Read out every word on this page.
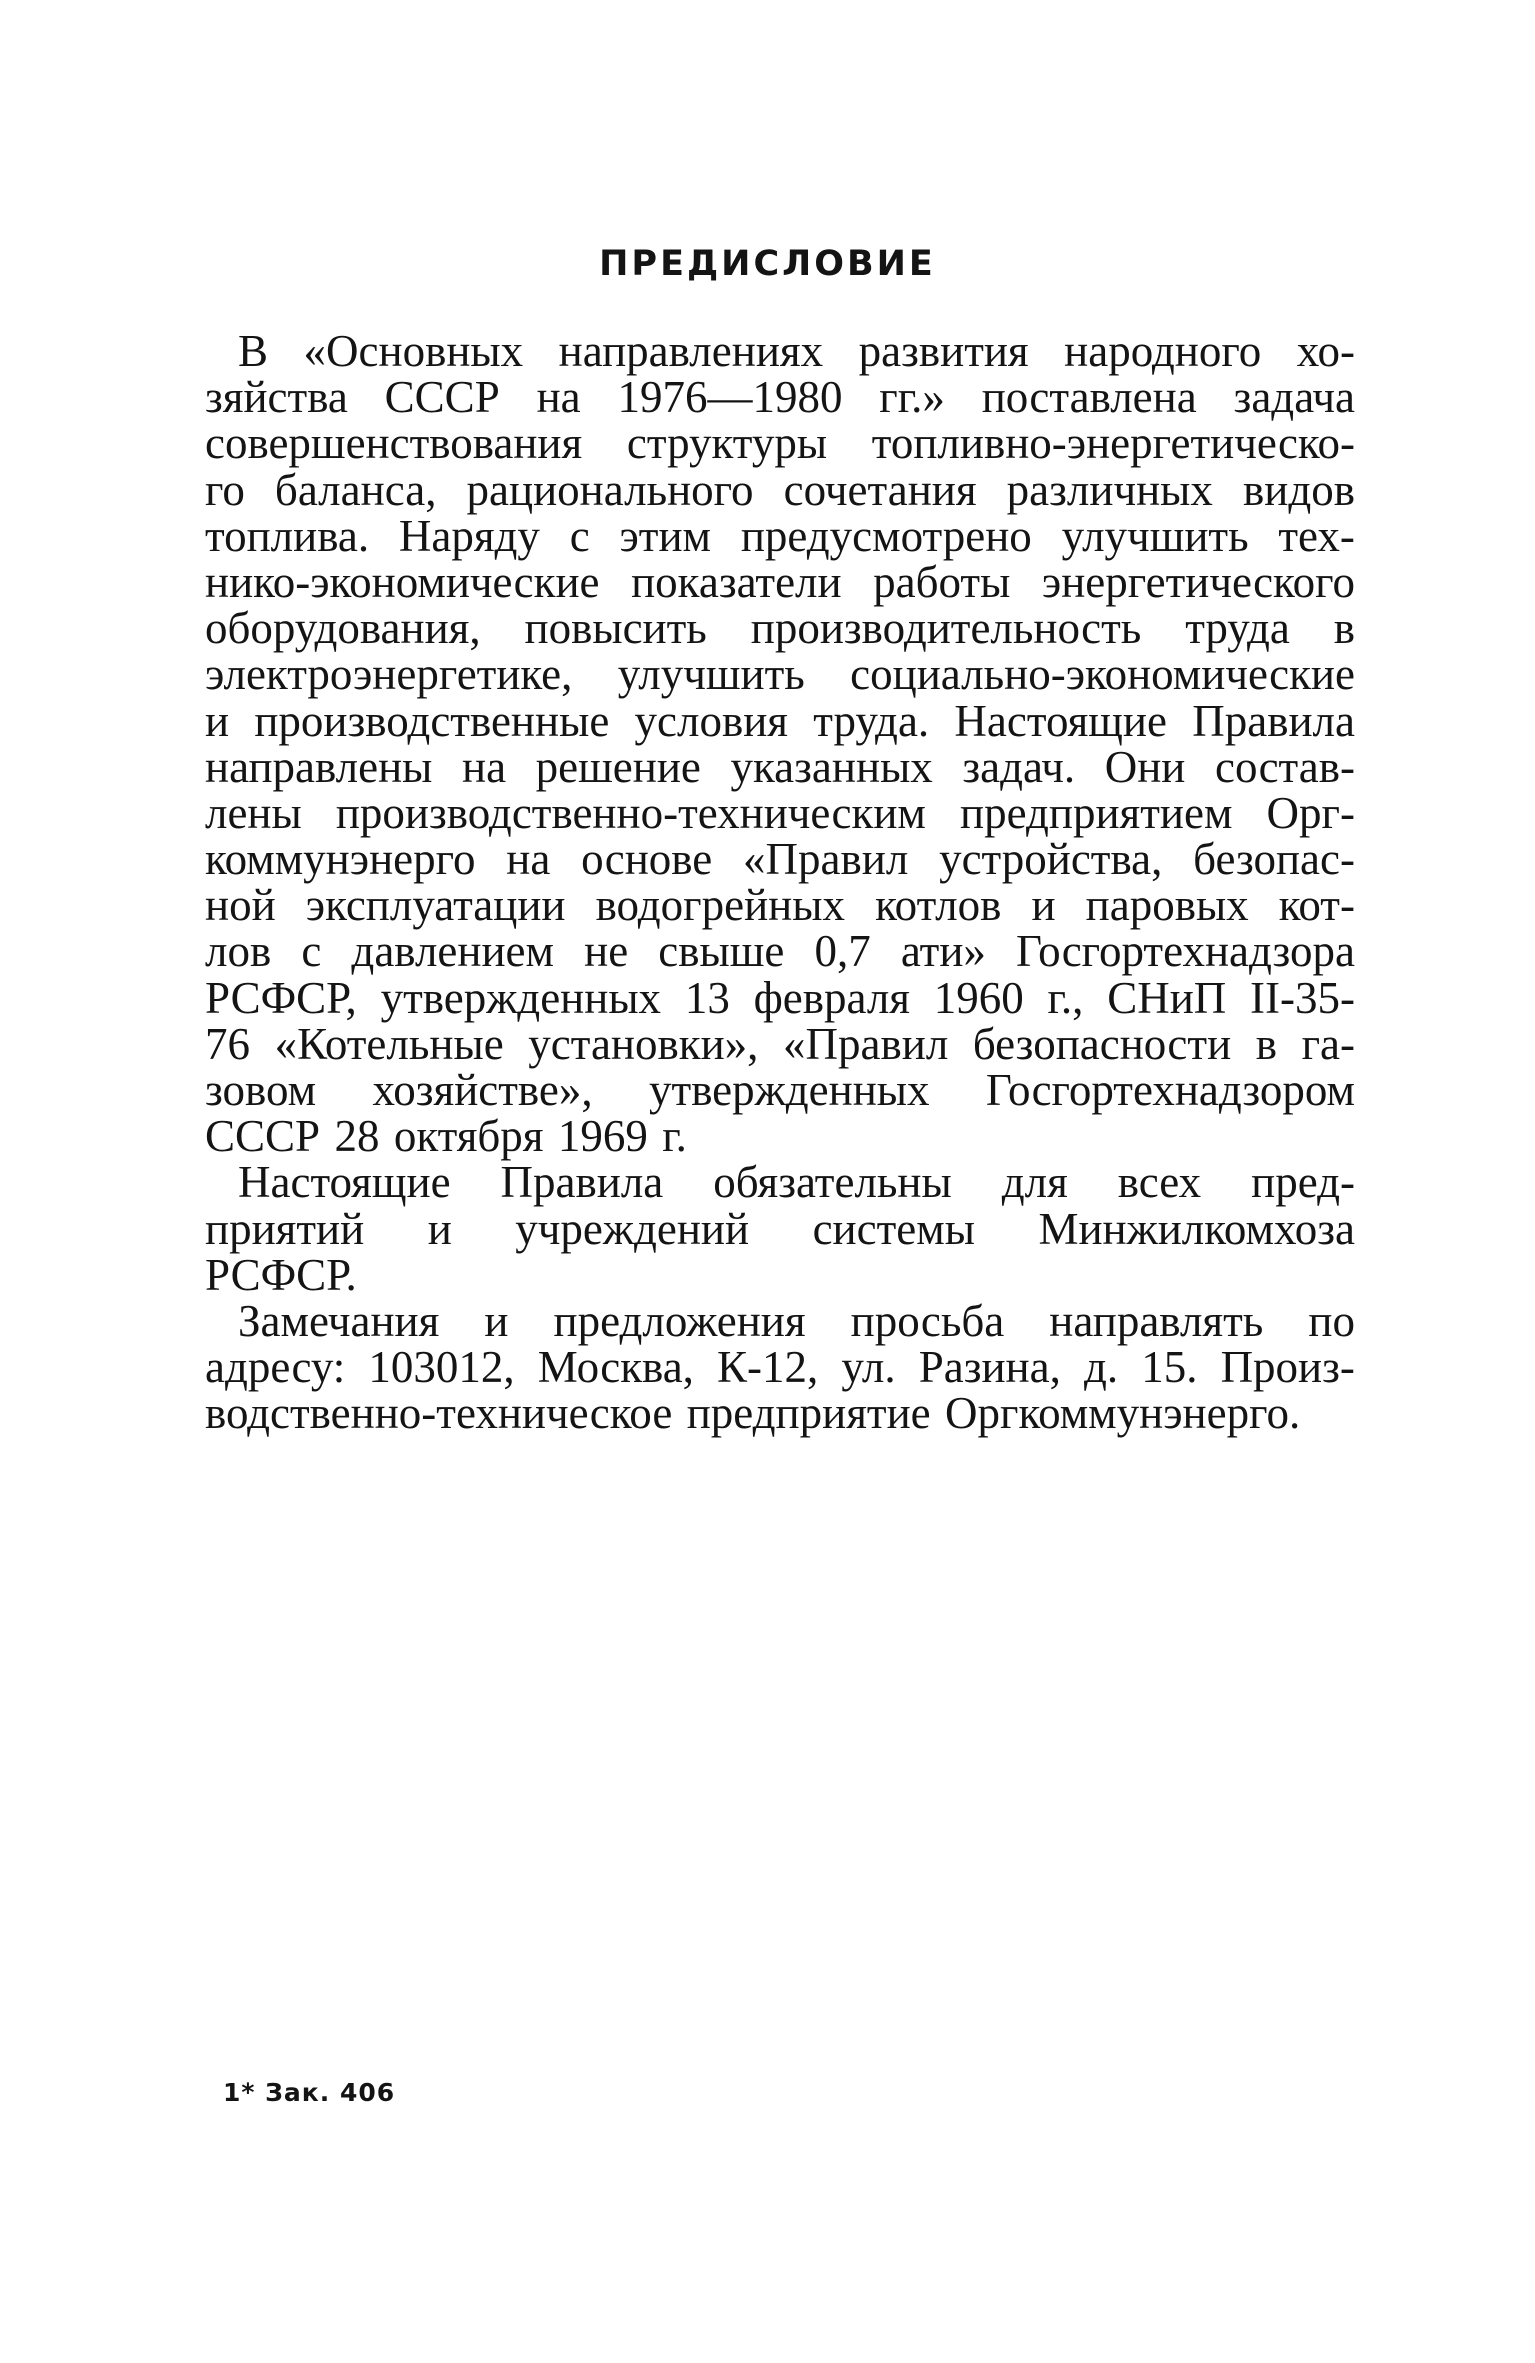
ПРЕДИСЛОВИЕ
В «Основных направлениях развития народного хо-
зяйства СССР на 1976—1980 гг.» поставлена задача
совершенствования структуры топливно-энергетическо-
го баланса, рационального сочетания различных видов
топлива. Наряду с этим предусмотрено улучшить тех-
нико-экономические показатели работы энергетического
оборудования, повысить производительность труда в
электроэнергетике, улучшить социально-экономические
и производственные условия труда. Настоящие Правила
направлены на решение указанных задач. Они состав-
лены производственно-техническим предприятием Орг-
коммунэнерго на основе «Правил устройства, безопас-
ной эксплуатации водогрейных котлов и паровых кот-
лов с давлением не свыше 0,7 ати» Госгортехнадзора
РСФСР, утвержденных 13 февраля 1960 г., СНиП II-35-
76 «Котельные установки», «Правил безопасности в га-
зовом хозяйстве», утвержденных Госгортехнадзором
СССР 28 октября 1969 г.
Настоящие Правила обязательны для всех пред-
приятий и учреждений системы Минжилкомхоза
РСФСР.
Замечания и предложения просьба направлять по
адресу: 103012, Москва, К-12, ул. Разина, д. 15. Произ-
водственно-техническое предприятие Оргкоммунэнерго.
1* Зак. 406
